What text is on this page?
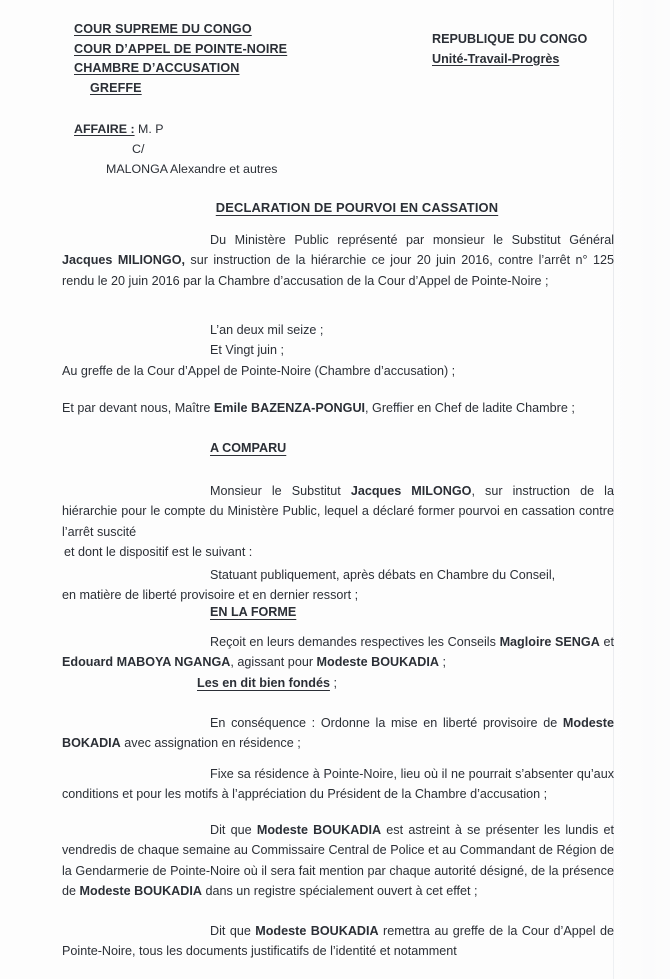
COUR SUPREME DU CONGO
COUR D’APPEL DE POINTE-NOIRE
CHAMBRE D’ACCUSATION
GREFFE
REPUBLIQUE DU CONGO
Unité-Travail-Progrès
AFFAIRE : M. P
C/
MALONGA Alexandre et autres
DECLARATION DE POURVOI EN CASSATION
Du Ministère Public représenté par monsieur le Substitut Général Jacques MILIONGO, sur instruction de la hiérarchie ce jour 20 juin 2016, contre l’arrêt n° 125 rendu le 20 juin 2016 par la Chambre d’accusation de la Cour d’Appel de Pointe-Noire ;
L’an deux mil seize ;
Et Vingt juin ;
Au greffe de la Cour d’Appel de Pointe-Noire (Chambre d’accusation) ;
Et par devant nous, Maître Emile BAZENZA-PONGUI, Greffier en Chef de ladite Chambre ;
A COMPARU
Monsieur le Substitut Jacques MILONGO, sur instruction de la hiérarchie pour le compte du Ministère Public, lequel a déclaré former pourvoi en cassation contre l’arrêt suscité
et dont le dispositif est le suivant :
Statuant publiquement, après débats en Chambre du Conseil,
en matière de liberté provisoire et en dernier ressort ;
EN LA FORME
Reçoit en leurs demandes respectives les Conseils Magloire SENGA et Edouard MABOYA NGANGA, agissant pour Modeste BOUKADIA ;
Les en dit bien fondés ;
En conséquence : Ordonne la mise en liberté provisoire de Modeste BOKADIA avec assignation en résidence ;
Fixe sa résidence à Pointe-Noire, lieu où il ne pourrait s’absenter qu’aux conditions et pour les motifs à l’appréciation du Président de la Chambre d’accusation ;
Dit que Modeste BOUKADIA est astreint à se présenter les lundis et vendredis de chaque semaine au Commissaire Central de Police et au Commandant de Région de la Gendarmerie de Pointe-Noire où il sera fait mention par chaque autorité désigné, de la présence de Modeste BOUKADIA dans un registre spécialement ouvert à cet effet ;
Dit que Modeste BOUKADIA remettra au greffe de la Cour d’Appel de Pointe-Noire, tous les documents justificatifs de l’identité et notamment
